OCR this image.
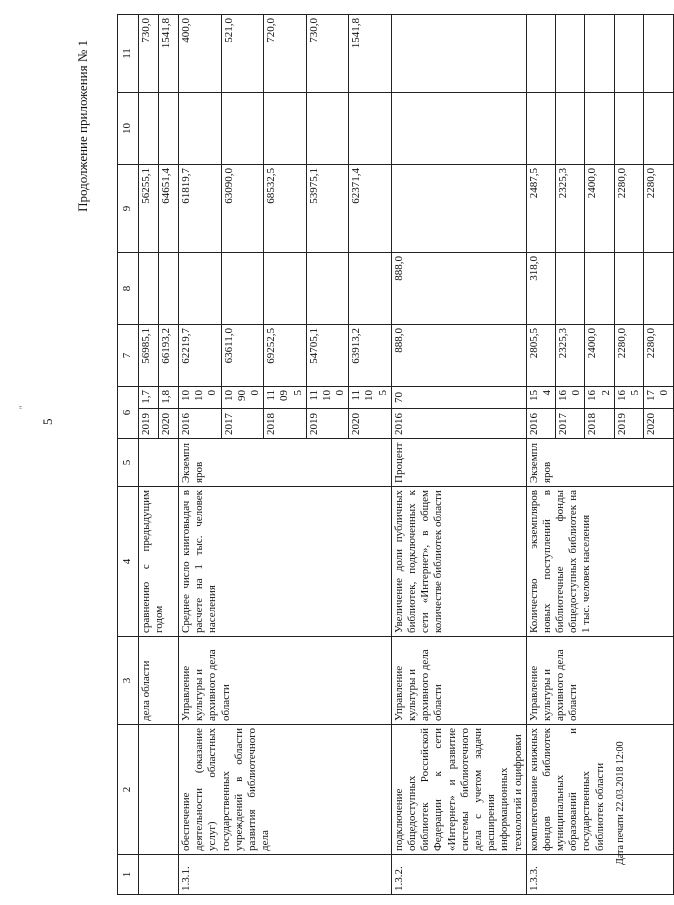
5
''
Продолжение приложения № 1
1	2	3	4	5	6		7	8	9	10	11
		дела области	сравнению с предыдущим годом		2019	1,7	56985,1		56255,1		730,0
					2020	1,8	66193,2		64651,4		1541,8
1.3.1.	обеспечение деятельности (оказание услуг) областных государственных учреждений в области развития библиотечного дела	Управление культуры и архивного дела области	Среднее число книговыдач в расчете на 1 тыс. человек населения	Экземпляров	2016	10100	62219,7		61819,7		400,0
					2017	10900	63611,0		63090,0		521,0
					2018	11095	69252,5		68532,5		720,0
					2019	11100	54705,1		53975,1		730,0
					2020	11105	63913,2		62371,4		1541,8
1.3.2.	подключение общедоступных библиотек Российской Федерации к сети «Интернет» и развитие системы библиотечного дела с учетом задачи расширения информационных технологий и оцифровки	Управление культуры и архивного дела области	Увеличение доли публичных библиотек, подключенных к сети «Интернет», в общем количестве библиотек области	Процент	2016	70	888,0	888,0			
1.3.3.	комплектование книжных фондов библиотек муниципальных образований и государственных библиотек области	Управление культуры и архивного дела области	Количество экземпляров новых поступлений в библиотечные фонды общедоступных библиотек на 1 тыс. человек населения	Экземпляров	2016	154	2805,5	318,0	2487,5		
					2017	160	2325,3		2325,3		
					2018	162	2400,0		2400,0		
					2019	165	2280,0		2280,0		
					2020	170	2280,0		2280,0		
Дата печати 22.03.2018 12:00
